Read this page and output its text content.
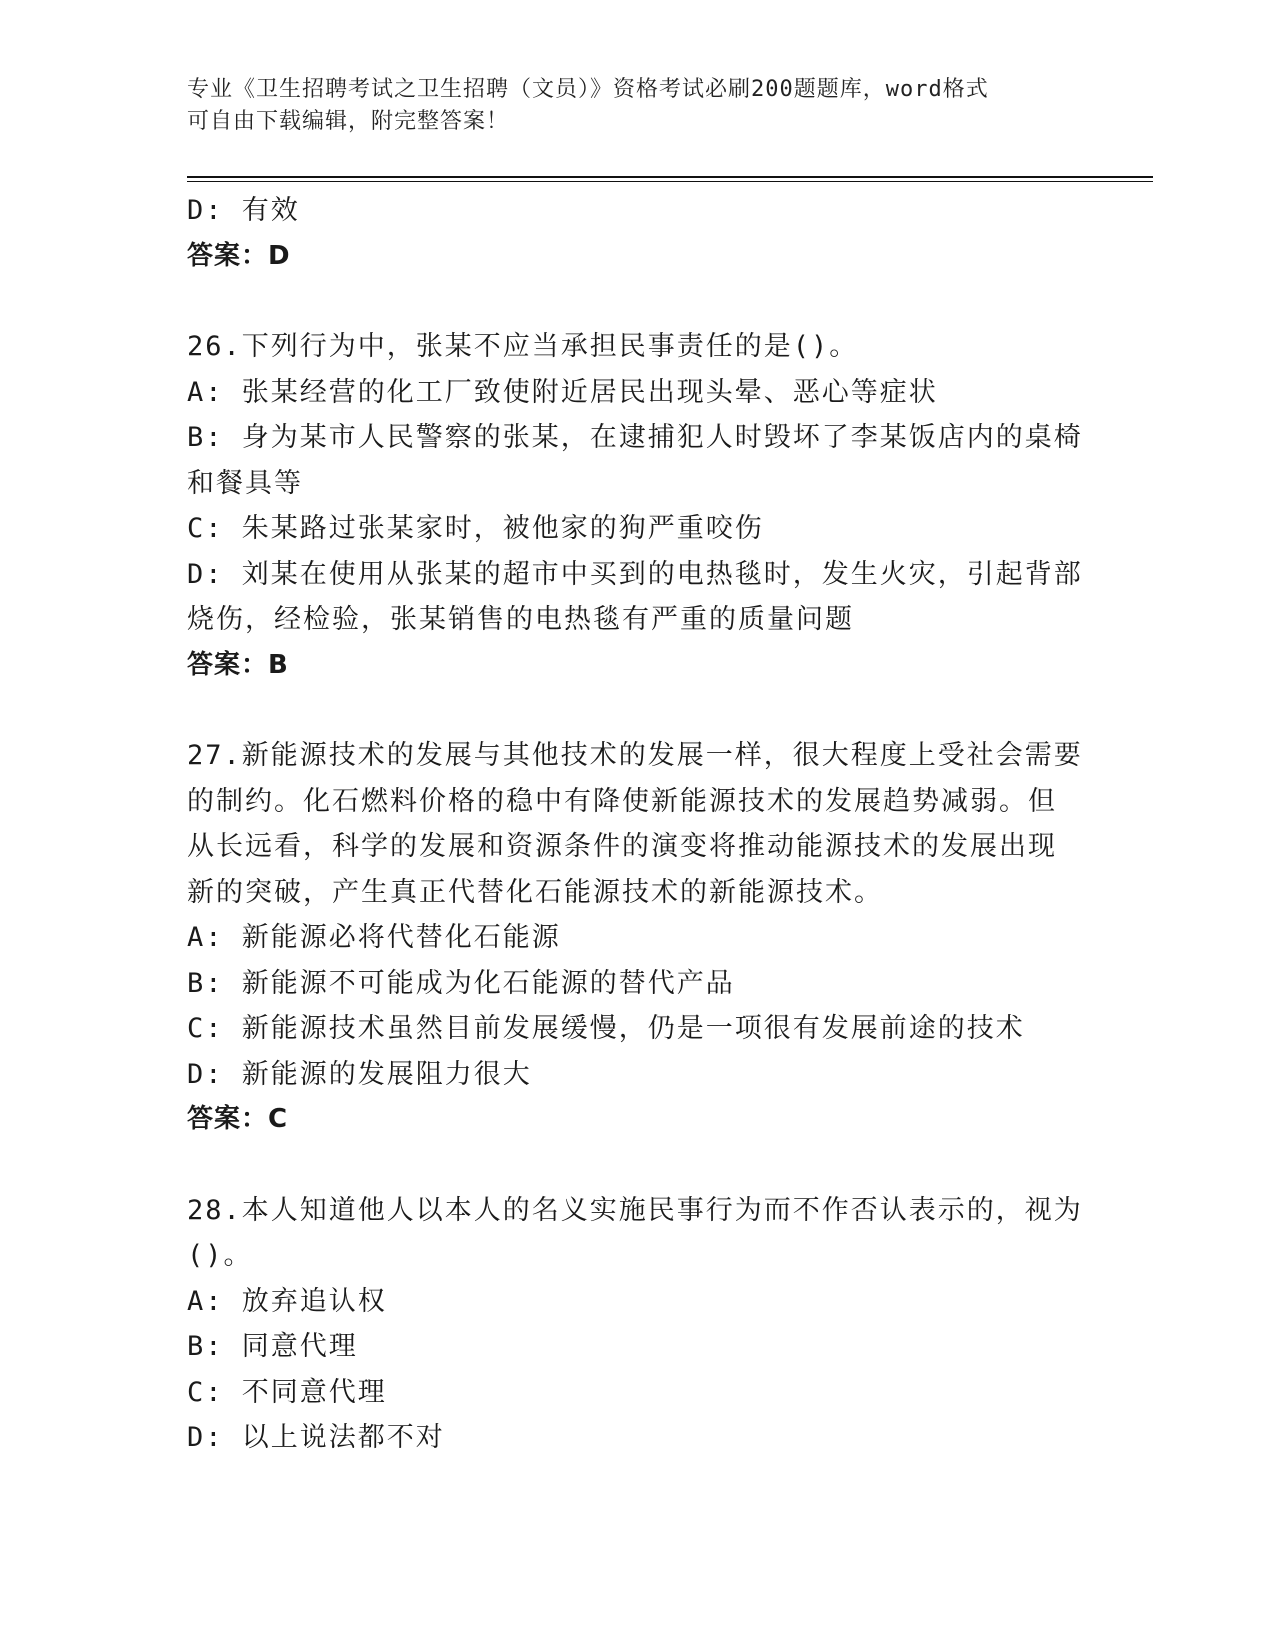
专业《卫生招聘考试之卫生招聘（文员）》资格考试必刷200题题库，word格式
可自由下载编辑，附完整答案！

D: 有效

答案：D

26.下列行为中，张某不应当承担民事责任的是()。

A: 张某经营的化工厂致使附近居民出现头晕、恶心等症状

B: 身为某市人民警察的张某，在逮捕犯人时毁坏了李某饭店内的桌椅

和餐具等

C: 朱某路过张某家时，被他家的狗严重咬伤

D: 刘某在使用从张某的超市中买到的电热毯时，发生火灾，引起背部

烧伤，经检验，张某销售的电热毯有严重的质量问题

答案：B

27.新能源技术的发展与其他技术的发展一样，很大程度上受社会需要

的制约。化石燃料价格的稳中有降使新能源技术的发展趋势减弱。但

从长远看，科学的发展和资源条件的演变将推动能源技术的发展出现

新的突破，产生真正代替化石能源技术的新能源技术。

A: 新能源必将代替化石能源

B: 新能源不可能成为化石能源的替代产品

C: 新能源技术虽然目前发展缓慢，仍是一项很有发展前途的技术

D: 新能源的发展阻力很大

答案：C

28.本人知道他人以本人的名义实施民事行为而不作否认表示的，视为

()。

A: 放弃追认权

B: 同意代理

C: 不同意代理

D: 以上说法都不对
